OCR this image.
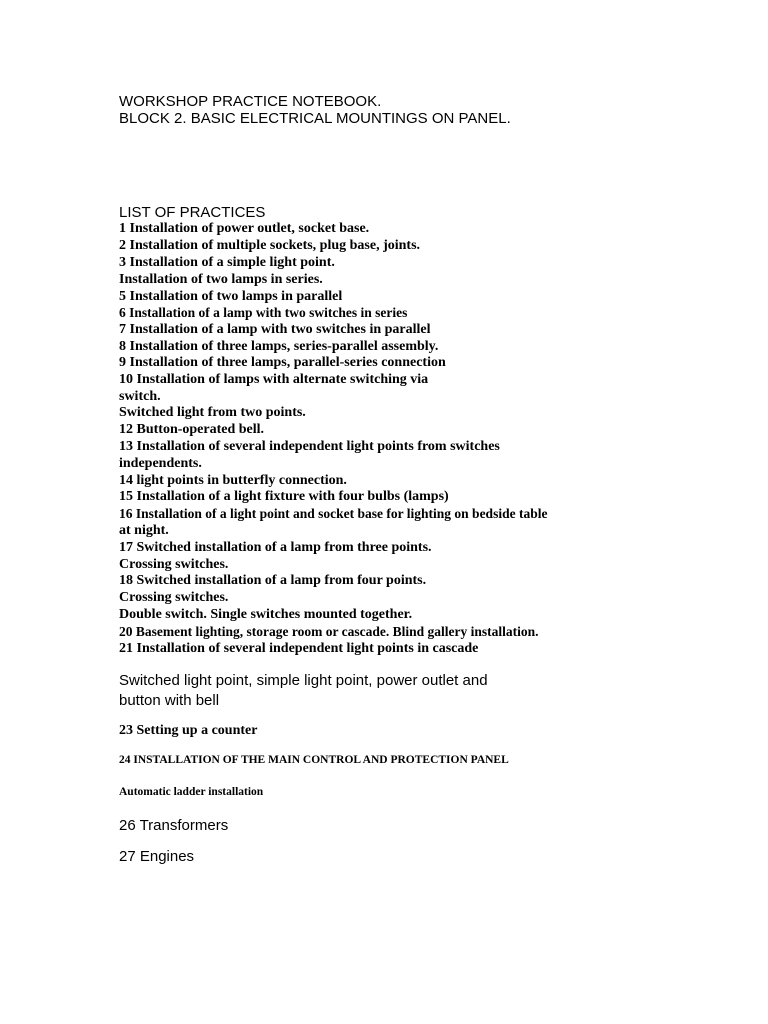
WORKSHOP PRACTICE NOTEBOOK.

BLOCK 2. BASIC ELECTRICAL MOUNTINGS ON PANEL.

LIST OF PRACTICES

1 Installation of power outlet, socket base.

2 Installation of multiple sockets, plug base, joints.

3 Installation of a simple light point.

Installation of two lamps in series.

5 Installation of two lamps in parallel

6 Installation of a lamp with two switches in series

7 Installation of a lamp with two switches in parallel

8 Installation of three lamps, series-parallel assembly.

9 Installation of three lamps, parallel-series connection

10 Installation of lamps with alternate switching via

switch.

Switched light from two points.

12 Button-operated bell.

13 Installation of several independent light points from switches

independents.

14 light points in butterfly connection.

15 Installation of a light fixture with four bulbs (lamps)

16 Installation of a light point and socket base for lighting on bedside table

at night.

17 Switched installation of a lamp from three points.

Crossing switches.

18 Switched installation of a lamp from four points.

Crossing switches.

Double switch. Single switches mounted together.

20 Basement lighting, storage room or cascade. Blind gallery installation.

21 Installation of several independent light points in cascade

Switched light point, simple light point, power outlet and

button with bell

23 Setting up a counter

24 INSTALLATION OF THE MAIN CONTROL AND PROTECTION PANEL

Automatic ladder installation

26 Transformers

27 Engines
